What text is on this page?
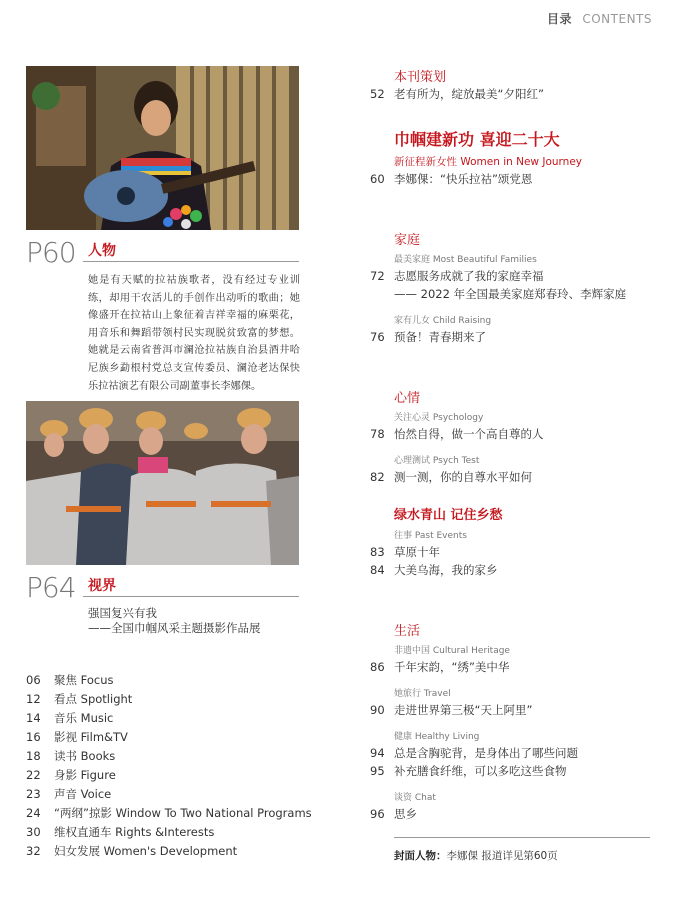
目录 CONTENTS
P60 人物
她是有天赋的拉祜族歌者，没有经过专业训练，却用干农活儿的手创作出动听的歌曲；她像盛开在拉祜山上象征着吉祥幸福的麻栗花，用音乐和舞蹈带领村民实现脱贫致富的梦想。她就是云南省普洱市澜沧拉祜族自治县酒井哈尼族乡勐根村党总支宣传委员、澜沧老达保快乐拉祜演艺有限公司副董事长李娜倮。
P64 视界
强国复兴有我
——全国巾帼风采主题摄影作品展
06 聚焦 Focus
12 看点 Spotlight
14 音乐 Music
16 影视 Film&TV
18 读书 Books
22 身影 Figure
23 声音 Voice
24 “两纲”掠影 Window To Two National Programs
30 维权直通车 Rights &Interests
32 妇女发展 Women's Development
本刊策划
52 老有所为，绽放最美“夕阳红”
巾帼建新功 喜迎二十大
新征程新女性 Women in New Journey
60 李娜倮：“快乐拉祜”颂党恩
家庭
最美家庭 Most Beautiful Families
72 志愿服务成就了我的家庭幸福
—— 2022 年全国最美家庭郑春玲、李辉家庭
家有儿女 Child Raising
76 预备！青春期来了
心情
关注心灵 Psychology
78 怡然自得，做一个高自尊的人
心理测试 Psych Test
82 测一测，你的自尊水平如何
绿水青山 记住乡愁
往事 Past Events
83 草原十年
84 大美乌海，我的家乡
生活
非遗中国 Cultural Heritage
86 千年宋韵，“绣”美中华
她旅行 Travel
90 走进世界第三极“天上阿里”
健康 Healthy Living
94 总是含胸驼背，是身体出了哪些问题
95 补充膳食纤维，可以多吃这些食物
谈资 Chat
96 思乡
封面人物：李娜倮 报道详见第60页
